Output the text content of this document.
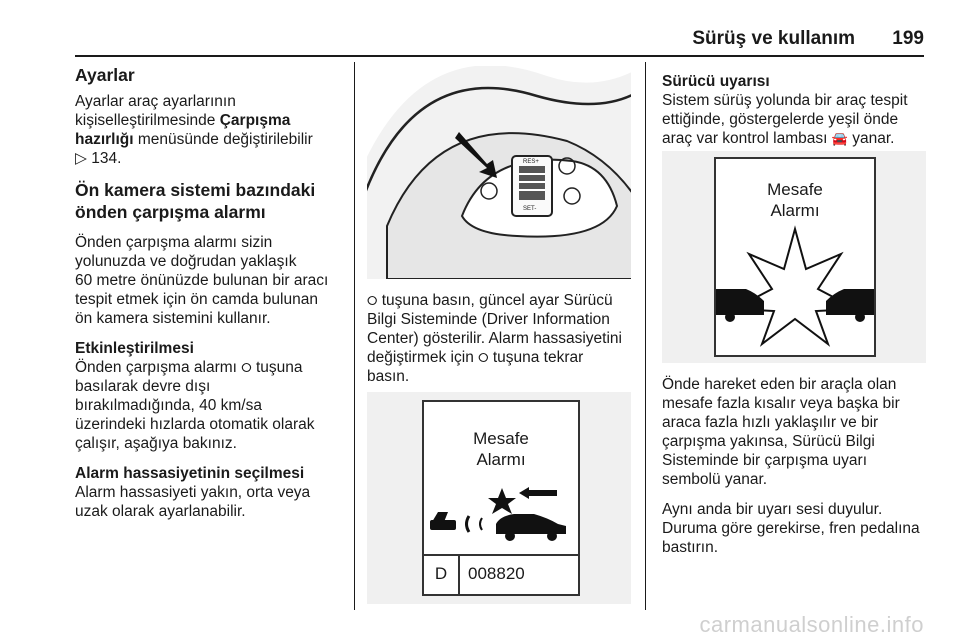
Sürüş ve kullanım 199
Ayarlar

Ayarlar araç ayarlarının
kişiselleştirilmesinde Çarpışma
hazırlığı menüsünde değiştirilebilir
▷ 134.

Ön kamera sistemi bazındaki
önden çarpışma alarmı

Önden çarpışma alarmı sizin
yolunuzda ve doğrudan yaklaşık
60 metre önünüzde bulunan bir aracı
tespit etmek için ön camda bulunan
ön kamera sistemini kullanır.

Etkinleştirilmesi

Önden çarpışma alarmı ⭘ tuşuna
basılarak devre dışı
bırakılmadığında, 40 km/sa
üzerindeki hızlarda otomatik olarak
çalışır, aşağıya bakınız.

Alarm hassasiyetinin seçilmesi

Alarm hassasiyeti yakın, orta veya
uzak olarak ayarlanabilir.

RES+
SET-

⭘ tuşuna basın, güncel ayar Sürücü
Bilgi Sisteminde (Driver Information
Center) gösterilir. Alarm hassasiyetini
değiştirmek için ⭘ tuşuna tekrar
basın.

Mesafe
Alarmı
D	008820
Sürücü uyarısı

Sistem sürüş yolunda bir araç tespit
ettiğinde, göstergelerde yeşil önde
araç var kontrol lambası 🚘 yanar.

Mesafe
Alarmı

Önde hareket eden bir araçla olan
mesafe fazla kısalır veya başka bir
araca fazla hızlı yaklaşılır ve bir
çarpışma yakınsa, Sürücü Bilgi
Sisteminde bir çarpışma uyarı
sembolü yanar.

Aynı anda bir uyarı sesi duyulur.
Duruma göre gerekirse, fren pedalına
bastırın.

carmanualsonline.info
